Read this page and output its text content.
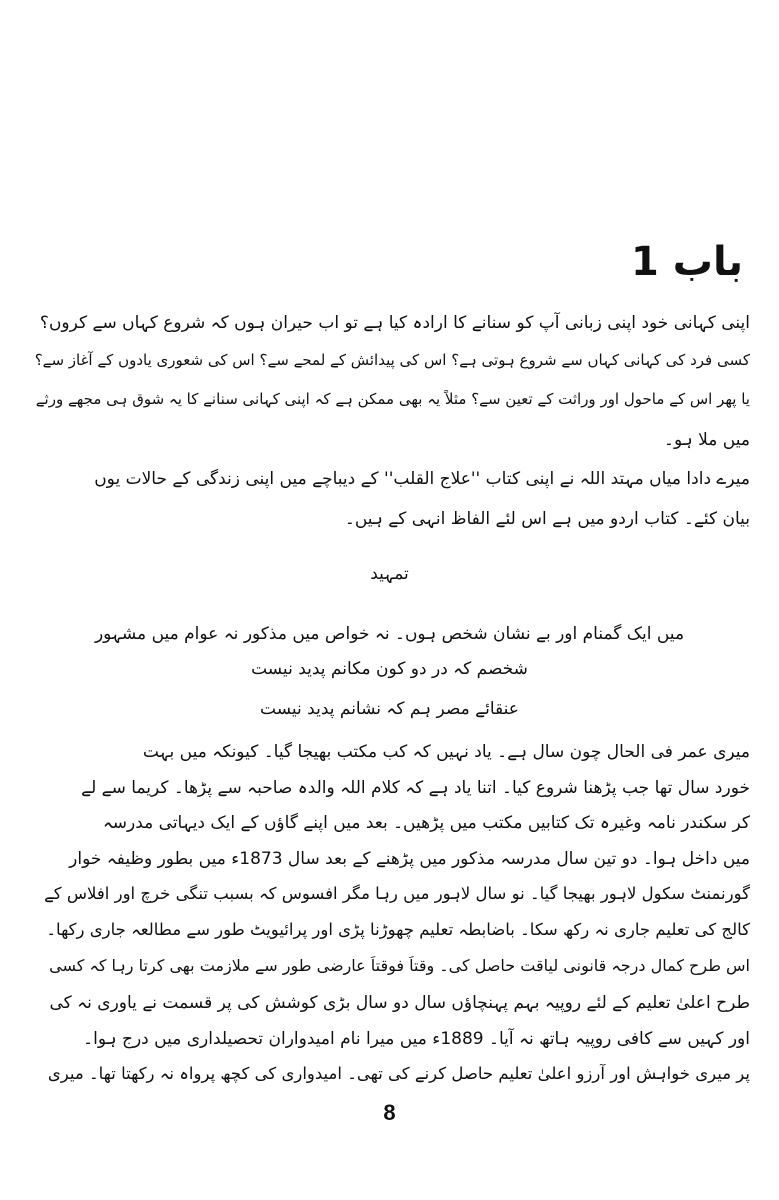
باب 1
اپنی کہانی خود اپنی زبانی آپ کو سنانے کا ارادہ کیا ہے تو اب حیران ہوں کہ شروع کہاں سے کروں؟
کسی فرد کی کہانی کہاں سے شروع ہوتی ہے؟ اس کی پیدائش کے لمحے سے؟ اس کی شعوری یادوں کے آغاز سے؟
یا پھر اس کے ماحول اور وراثت کے تعین سے؟ مثلاً یہ بھی ممکن ہے کہ اپنی کہانی سنانے کا یہ شوق ہی مجھے ورثے
میں ملا ہو۔
میرے دادا میاں مہتد اللہ نے اپنی کتاب ''علاج القلب'' کے دیباچے میں اپنی زندگی کے حالات یوں
بیان کئے۔ کتاب اردو میں ہے اس لئے الفاظ انہی کے ہیں۔
تمہید
میں ایک گمنام اور بے نشان شخص ہوں۔ نہ خواص میں مذکور نہ عوام میں مشہور
شخصم کہ در دو کون مکانم پدید نیست
عنقائے مصر ہم کہ نشانم پدید نیست
میری عمر فی الحال چون سال ہے۔ یاد نہیں کہ کب مکتب بھیجا گیا۔ کیونکہ میں بہت
خورد سال تھا جب پڑھنا شروع کیا۔ اتنا یاد ہے کہ کلام اللہ والدہ صاحبہ سے پڑھا۔ کریما سے لے
کر سکندر نامہ وغیرہ تک کتابیں مکتب میں پڑھیں۔ بعد میں اپنے گاؤں کے ایک دیہاتی مدرسہ
میں داخل ہوا۔ دو تین سال مدرسہ مذکور میں پڑھنے کے بعد سال 1873ء میں بطور وظیفہ خوار
گورنمنٹ سکول لاہور بھیجا گیا۔ نو سال لاہور میں رہا مگر افسوس کہ بسبب تنگی خرچ اور افلاس کے
کالج کی تعلیم جاری نہ رکھ سکا۔ باضابطہ تعلیم چھوڑنا پڑی اور پرائیویٹ طور سے مطالعہ جاری رکھا۔
اس طرح کمال درجہ قانونی لیاقت حاصل کی۔ وقتاً فوقتاً عارضی طور سے ملازمت بھی کرتا رہا کہ کسی
طرح اعلیٰ تعلیم کے لئے روپیہ بہم پہنچاؤں سال دو سال بڑی کوشش کی پر قسمت نے یاوری نہ کی
اور کہیں سے کافی روپیہ ہاتھ نہ آیا۔ 1889ء میں میرا نام امیدواران تحصیلداری میں درج ہوا۔
پر میری خواہش اور آرزو اعلیٰ تعلیم حاصل کرنے کی تھی۔ امیدواری کی کچھ پرواہ نہ رکھتا تھا۔ میری
8
